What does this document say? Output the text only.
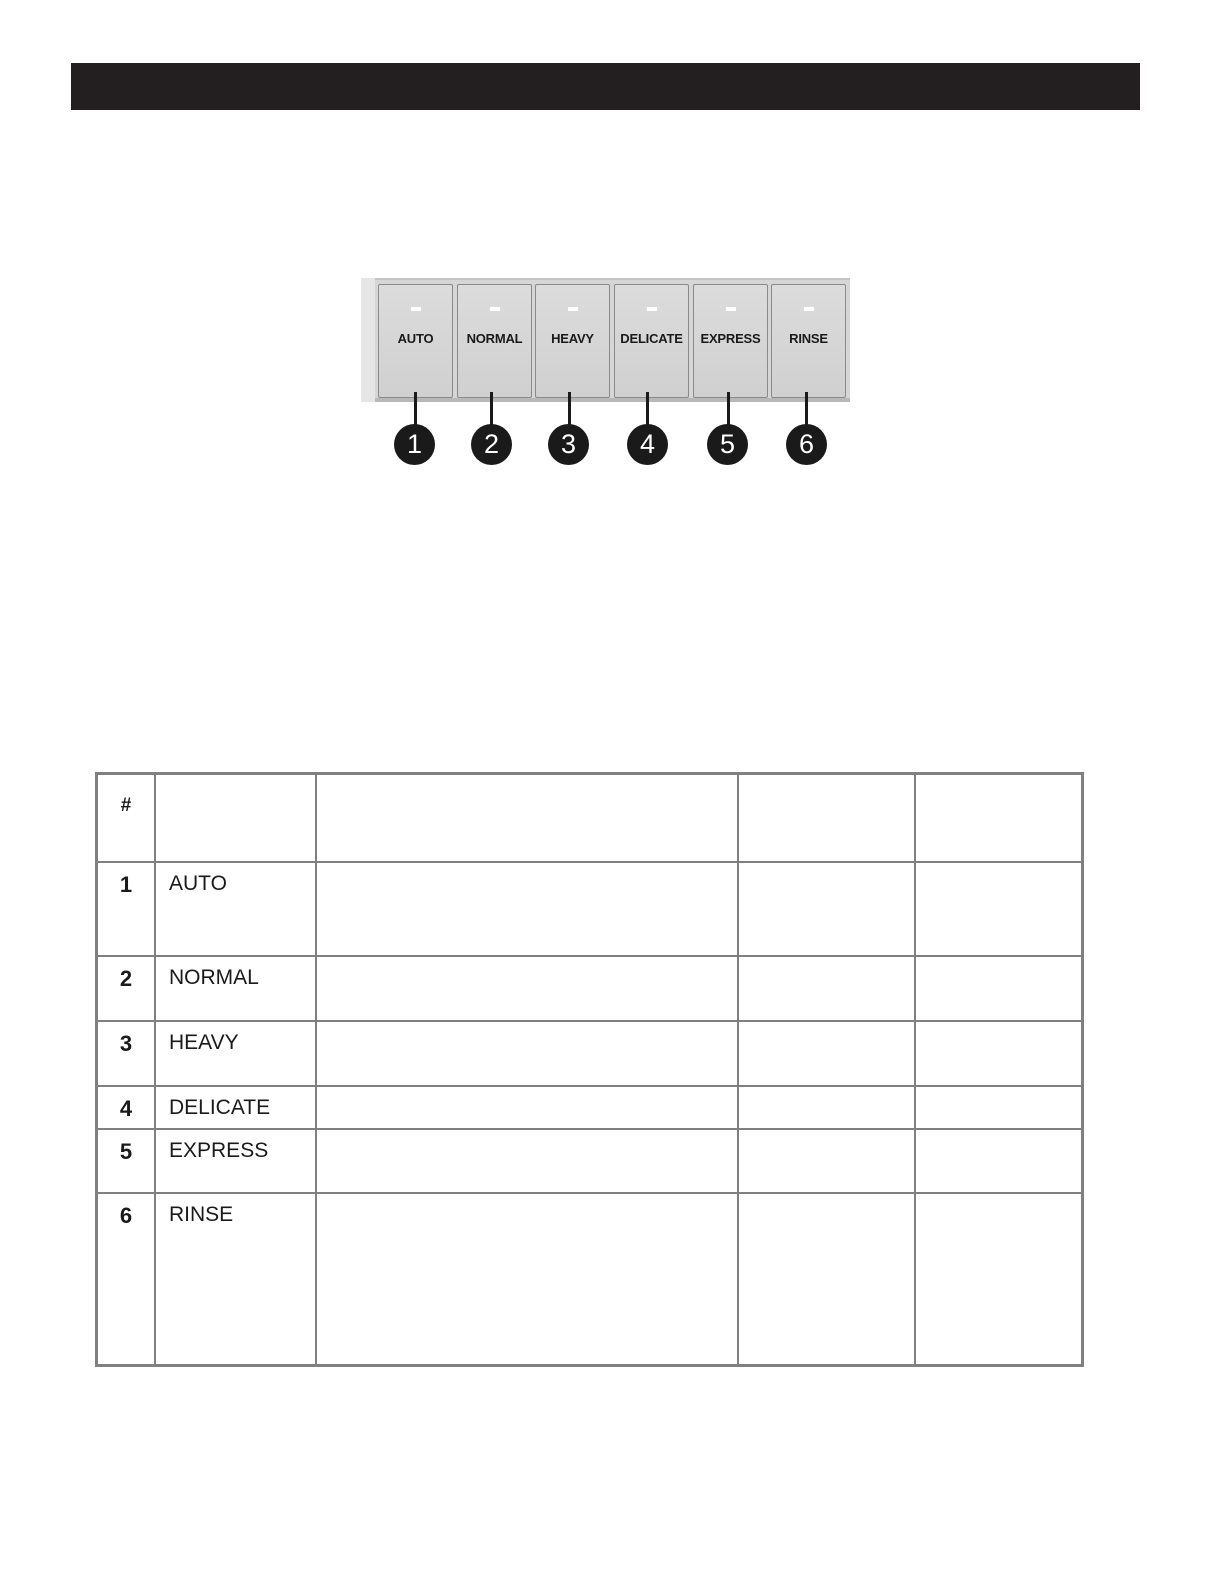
AUTO	NORMAL	HEAVY	DELICATE	EXPRESS	RINSE
1	2	3	4	5	6
#				

1	AUTO			

2	NORMAL			

3	HEAVY			

4	DELICATE			

5	EXPRESS			

6	RINSE			
